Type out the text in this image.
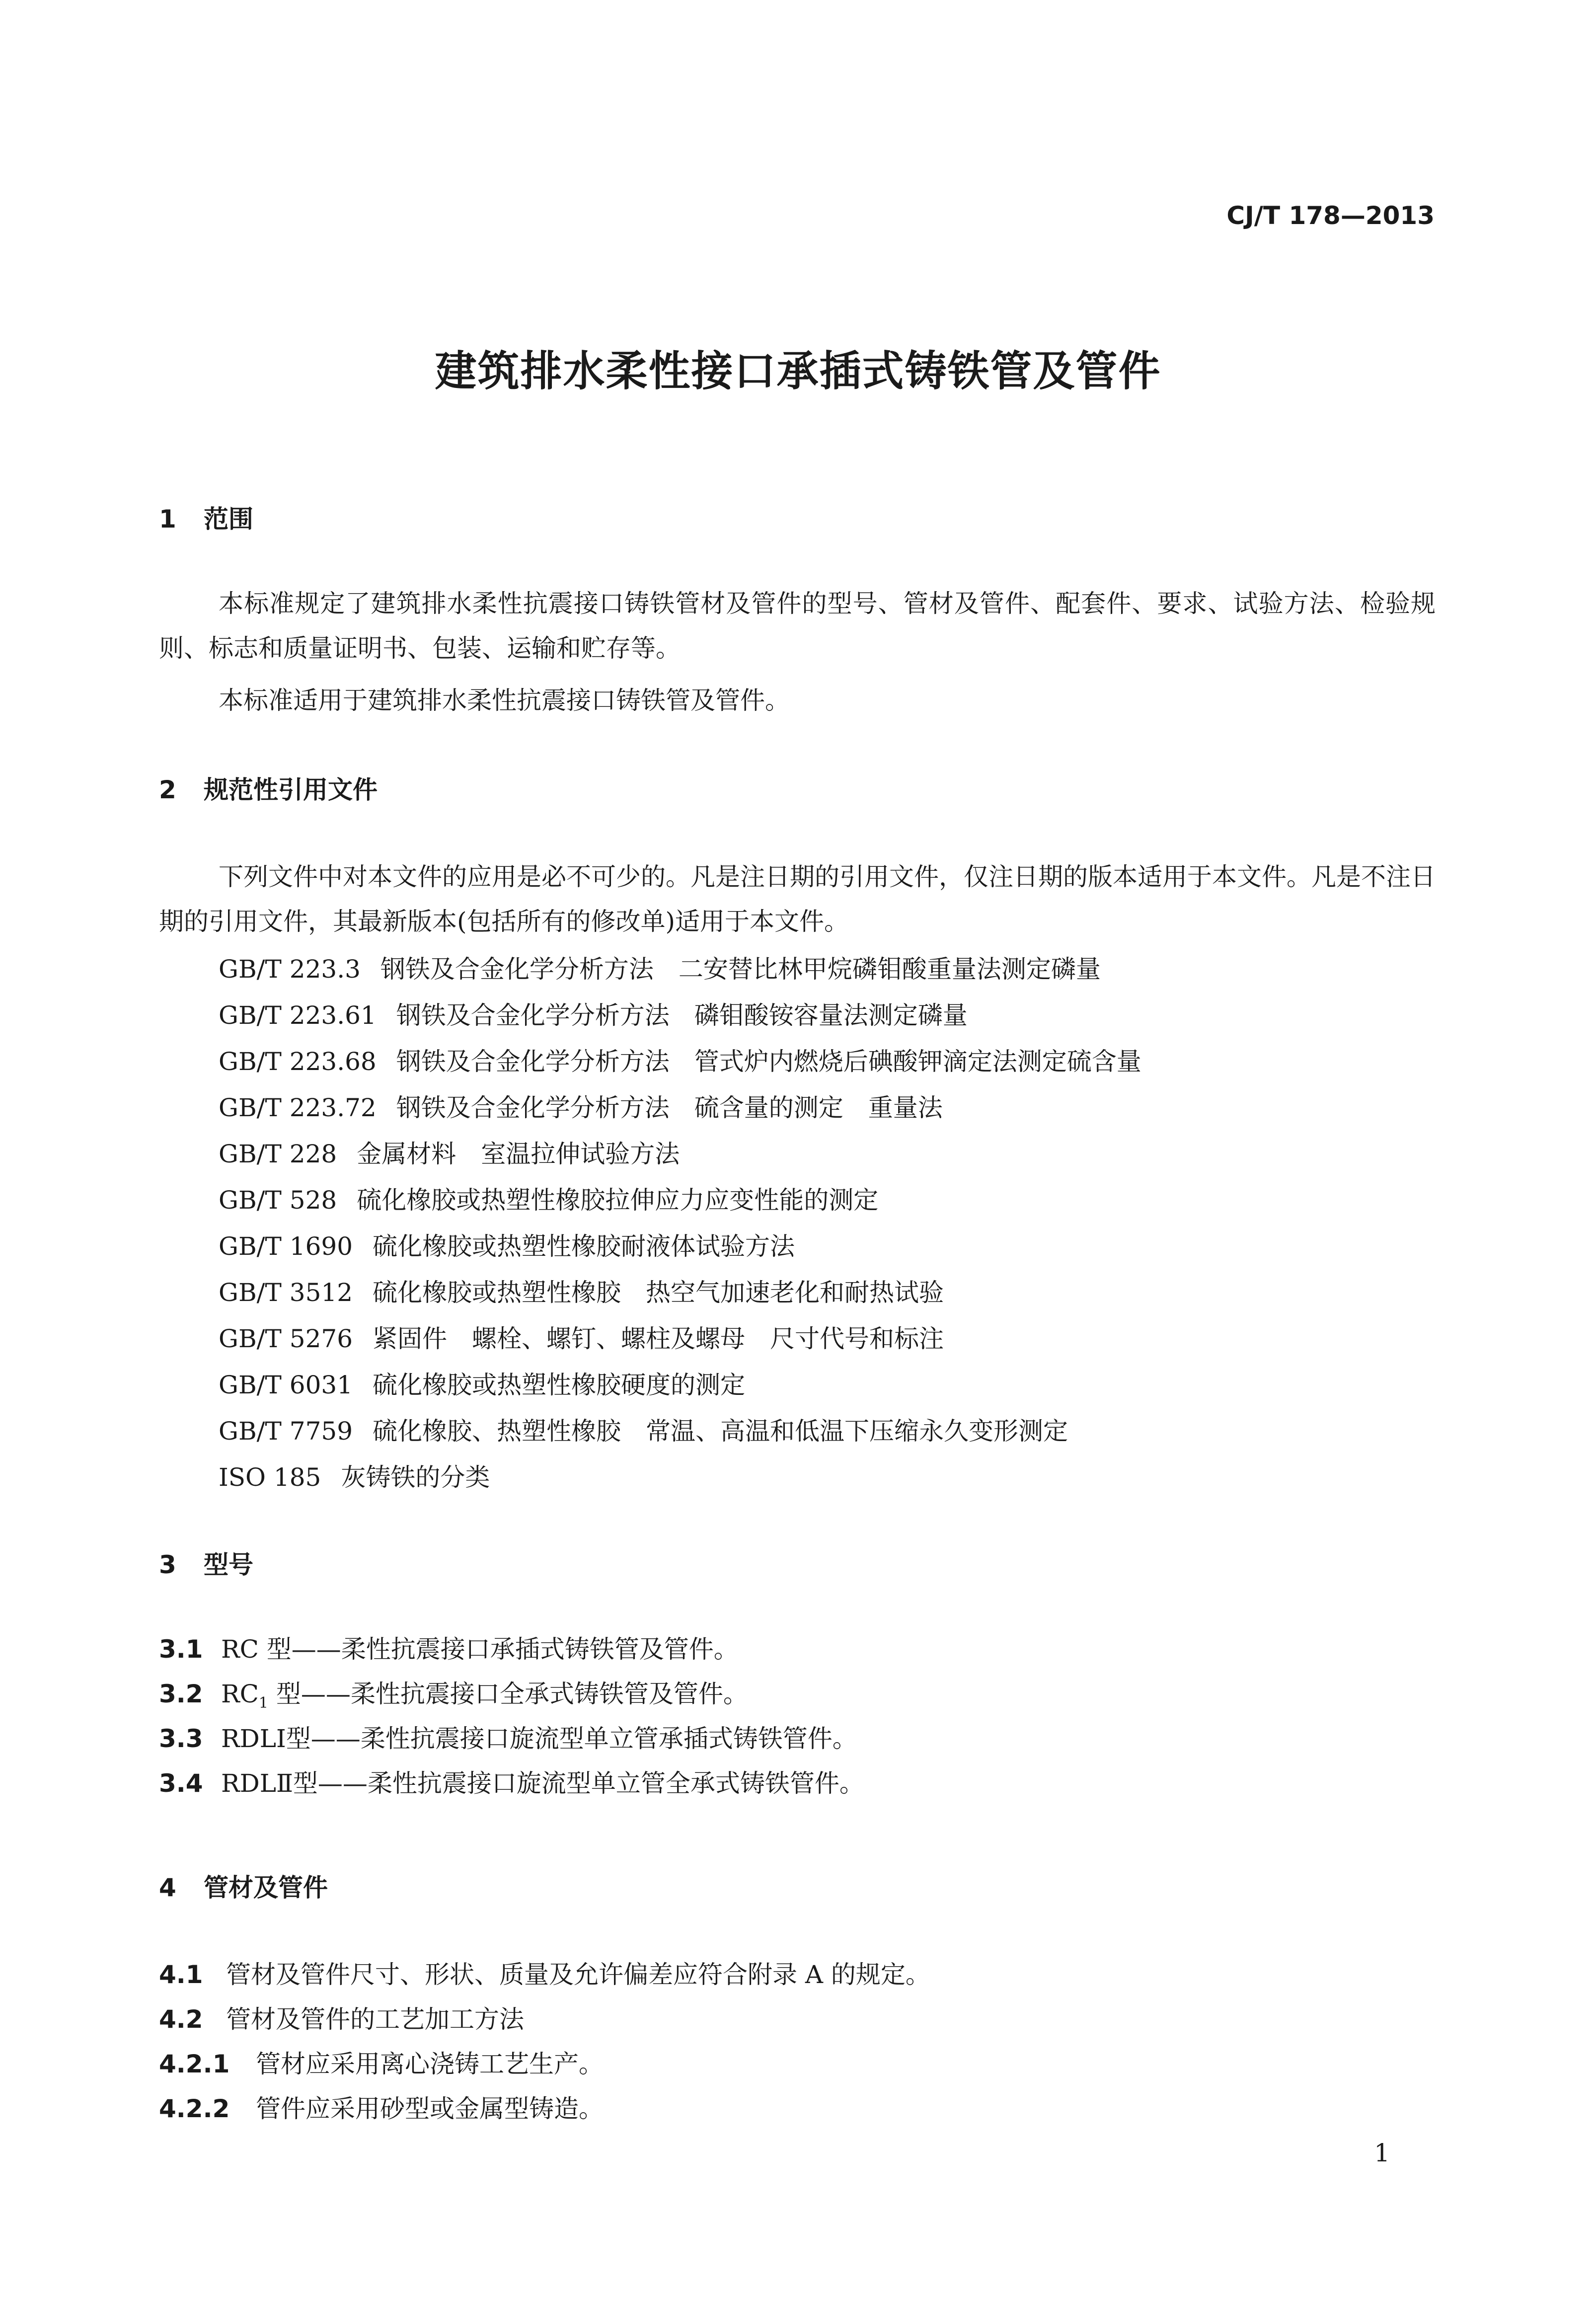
CJ/T 178—2013
建筑排水柔性接口承插式铸铁管及管件
1 范围
本标准规定了建筑排水柔性抗震接口铸铁管材及管件的型号、管材及管件、配套件、要求、试验方法、检验规则、标志和质量证明书、包装、运输和贮存等。
本标准适用于建筑排水柔性抗震接口铸铁管及管件。
2 规范性引用文件
下列文件中对本文件的应用是必不可少的。凡是注日期的引用文件，仅注日期的版本适用于本文件。凡是不注日期的引用文件，其最新版本(包括所有的修改单)适用于本文件。
GB/T 223.3 钢铁及合金化学分析方法 二安替比林甲烷磷钼酸重量法测定磷量
GB/T 223.61 钢铁及合金化学分析方法 磷钼酸铵容量法测定磷量
GB/T 223.68 钢铁及合金化学分析方法 管式炉内燃烧后碘酸钾滴定法测定硫含量
GB/T 223.72 钢铁及合金化学分析方法 硫含量的测定　重量法
GB/T 228 金属材料 室温拉伸试验方法
GB/T 528 硫化橡胶或热塑性橡胶拉伸应力应变性能的测定
GB/T 1690 硫化橡胶或热塑性橡胶耐液体试验方法
GB/T 3512 硫化橡胶或热塑性橡胶 热空气加速老化和耐热试验
GB/T 5276 紧固件 螺栓、螺钉、螺柱及螺母　尺寸代号和标注
GB/T 6031 硫化橡胶或热塑性橡胶硬度的测定
GB/T 7759 硫化橡胶、热塑性橡胶 常温、高温和低温下压缩永久变形测定
ISO 185 灰铸铁的分类
3 型号
3.1 RC 型——柔性抗震接口承插式铸铁管及管件。
3.2 $RC_1$ 型——柔性抗震接口全承式铸铁管及管件。
3.3 RDLⅠ型——柔性抗震接口旋流型单立管承插式铸铁管件。
3.4 RDLⅡ型——柔性抗震接口旋流型单立管全承式铸铁管件。
4 管材及管件
4.1 管材及管件尺寸、形状、质量及允许偏差应符合附录 A 的规定。
4.2 管材及管件的工艺加工方法
4.2.1 管材应采用离心浇铸工艺生产。
4.2.2 管件应采用砂型或金属型铸造。
1
